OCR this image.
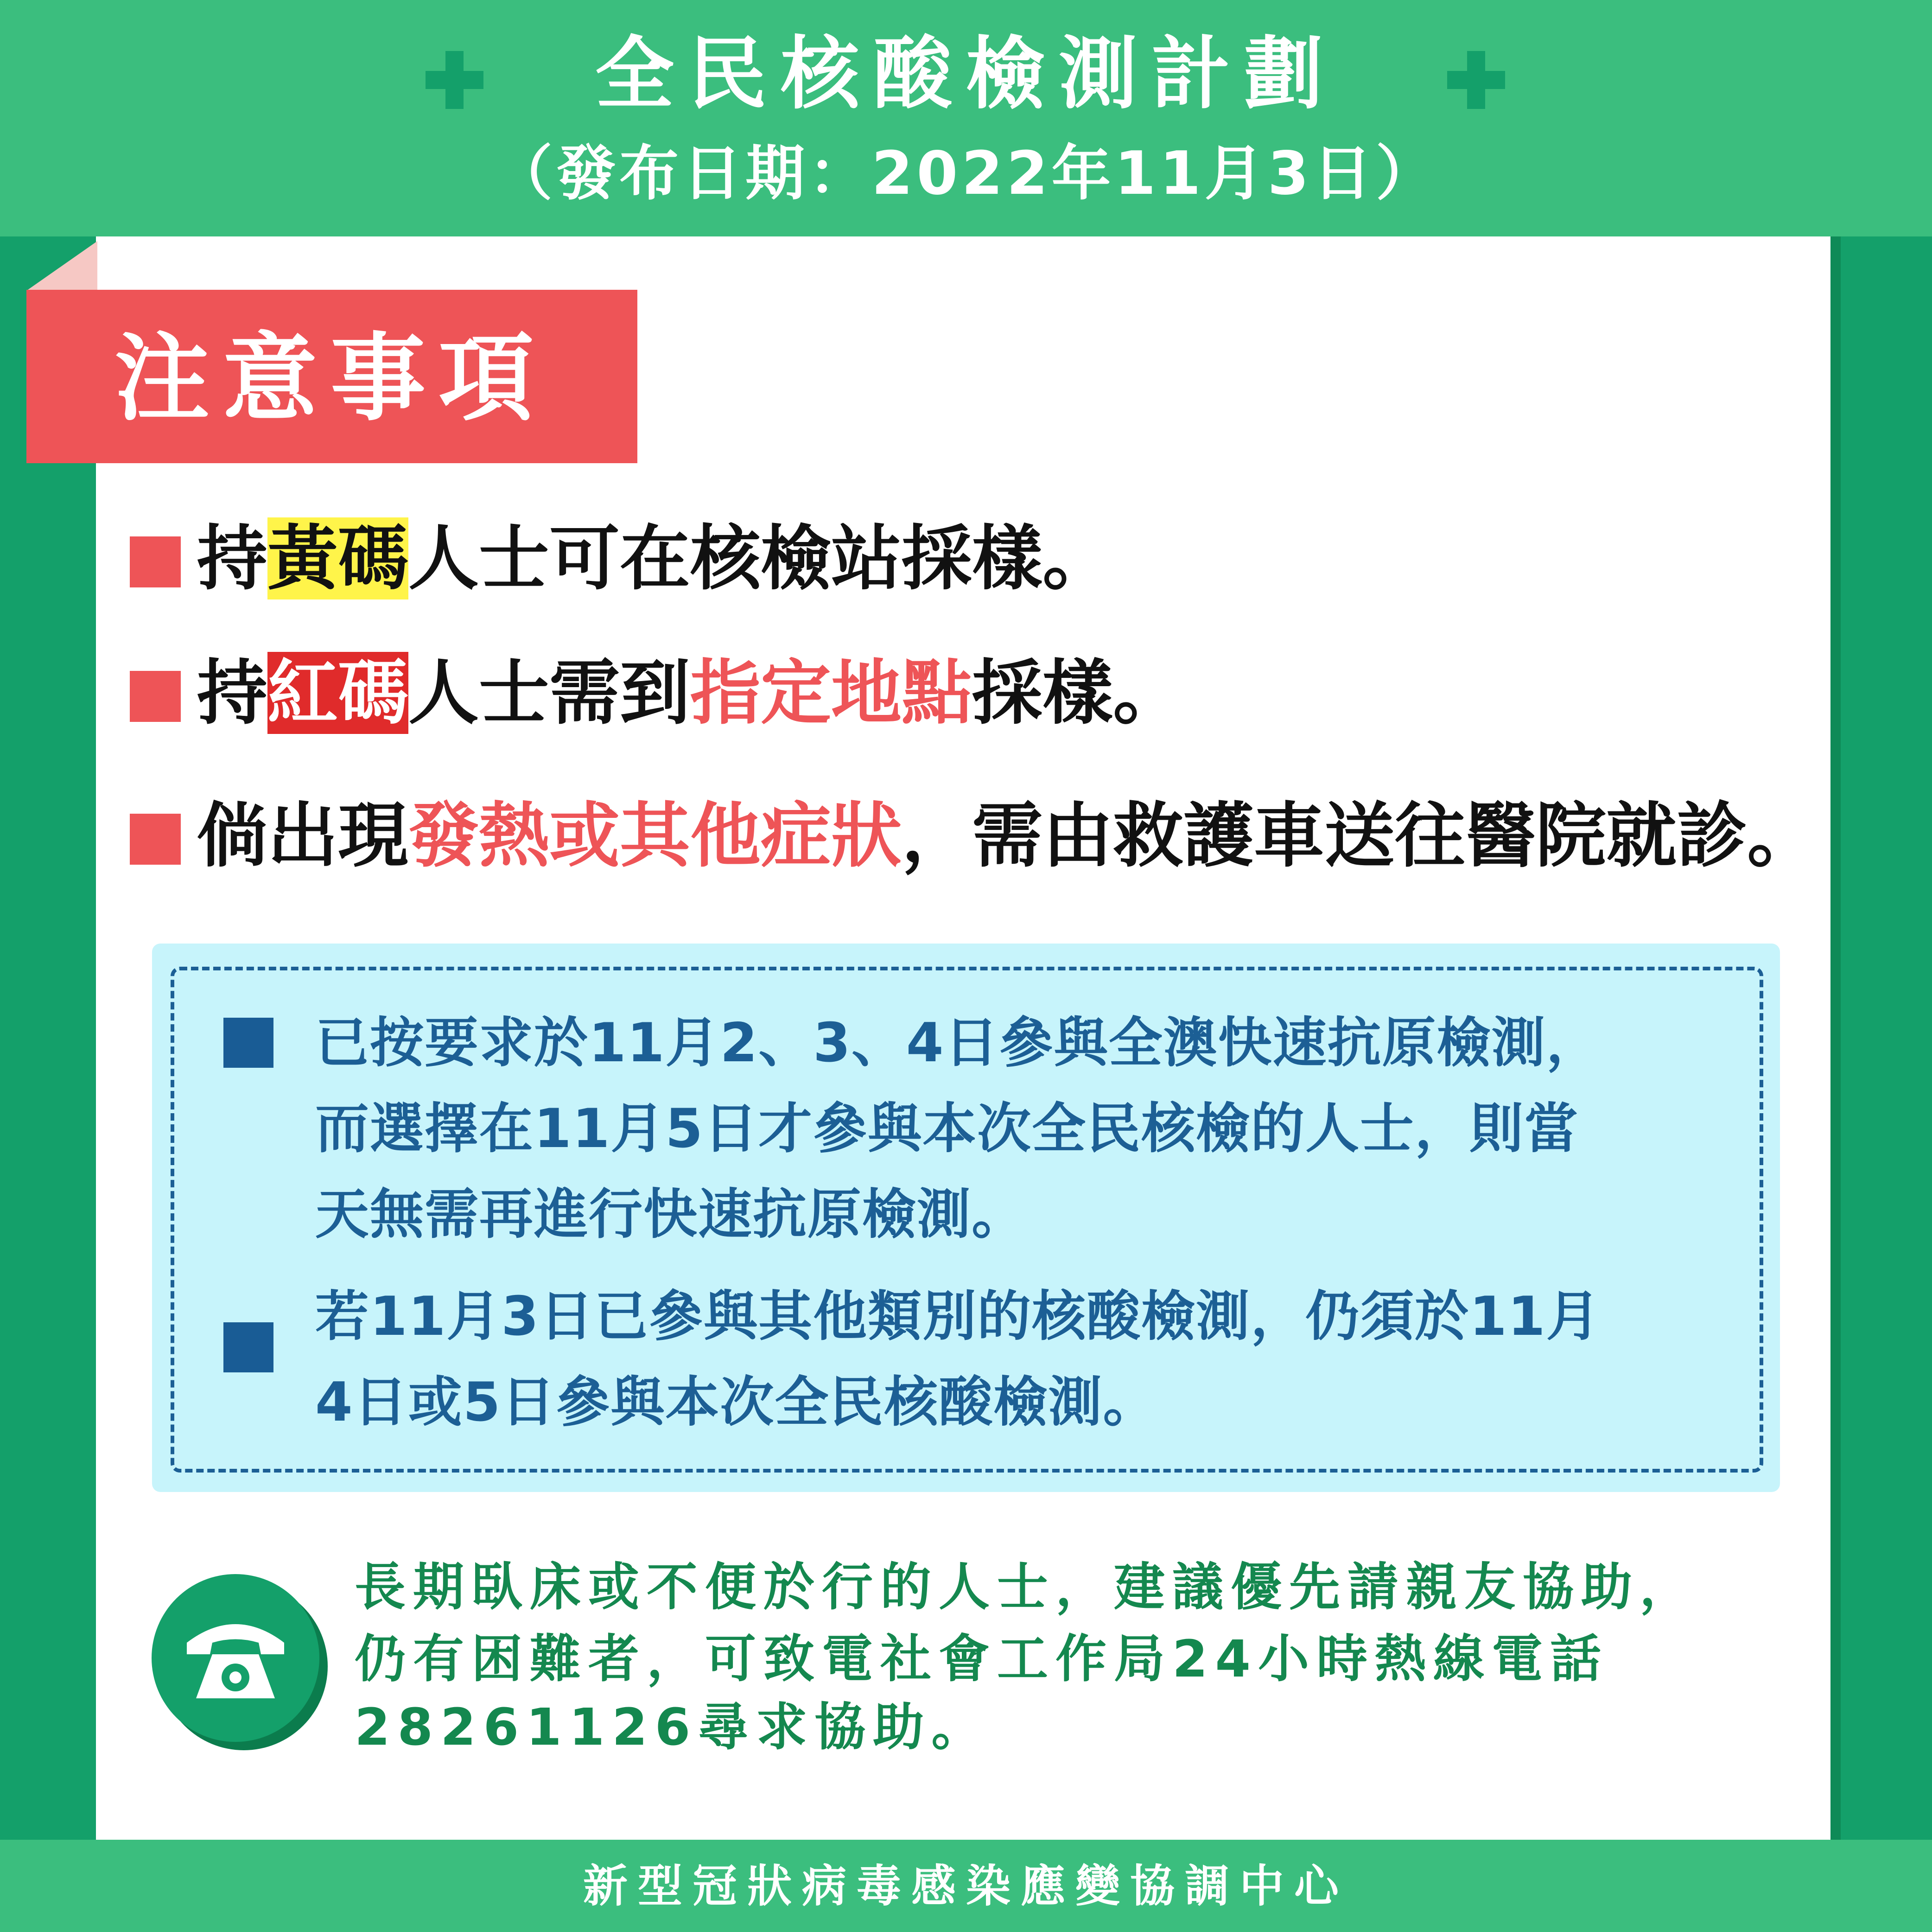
全民核酸檢測計劃
（發布日期：2022年11月3日）
注意事項
持黃碼人士可在核檢站採樣。
持紅碼人士需到指定地點採樣。
倘出現發熱或其他症狀，需由救護車送往醫院就診。
已按要求於11月2、3、4日參與全澳快速抗原檢測，
而選擇在11月5日才參與本次全民核檢的人士，則當
天無需再進行快速抗原檢測。
若11月3日已參與其他類別的核酸檢測，仍須於11月
4日或5日參與本次全民核酸檢測。
長期臥床或不便於行的人士，建議優先請親友協助，
仍有困難者，可致電社會工作局24小時熱線電話
28261126尋求協助。
新型冠狀病毒感染應變協調中心
